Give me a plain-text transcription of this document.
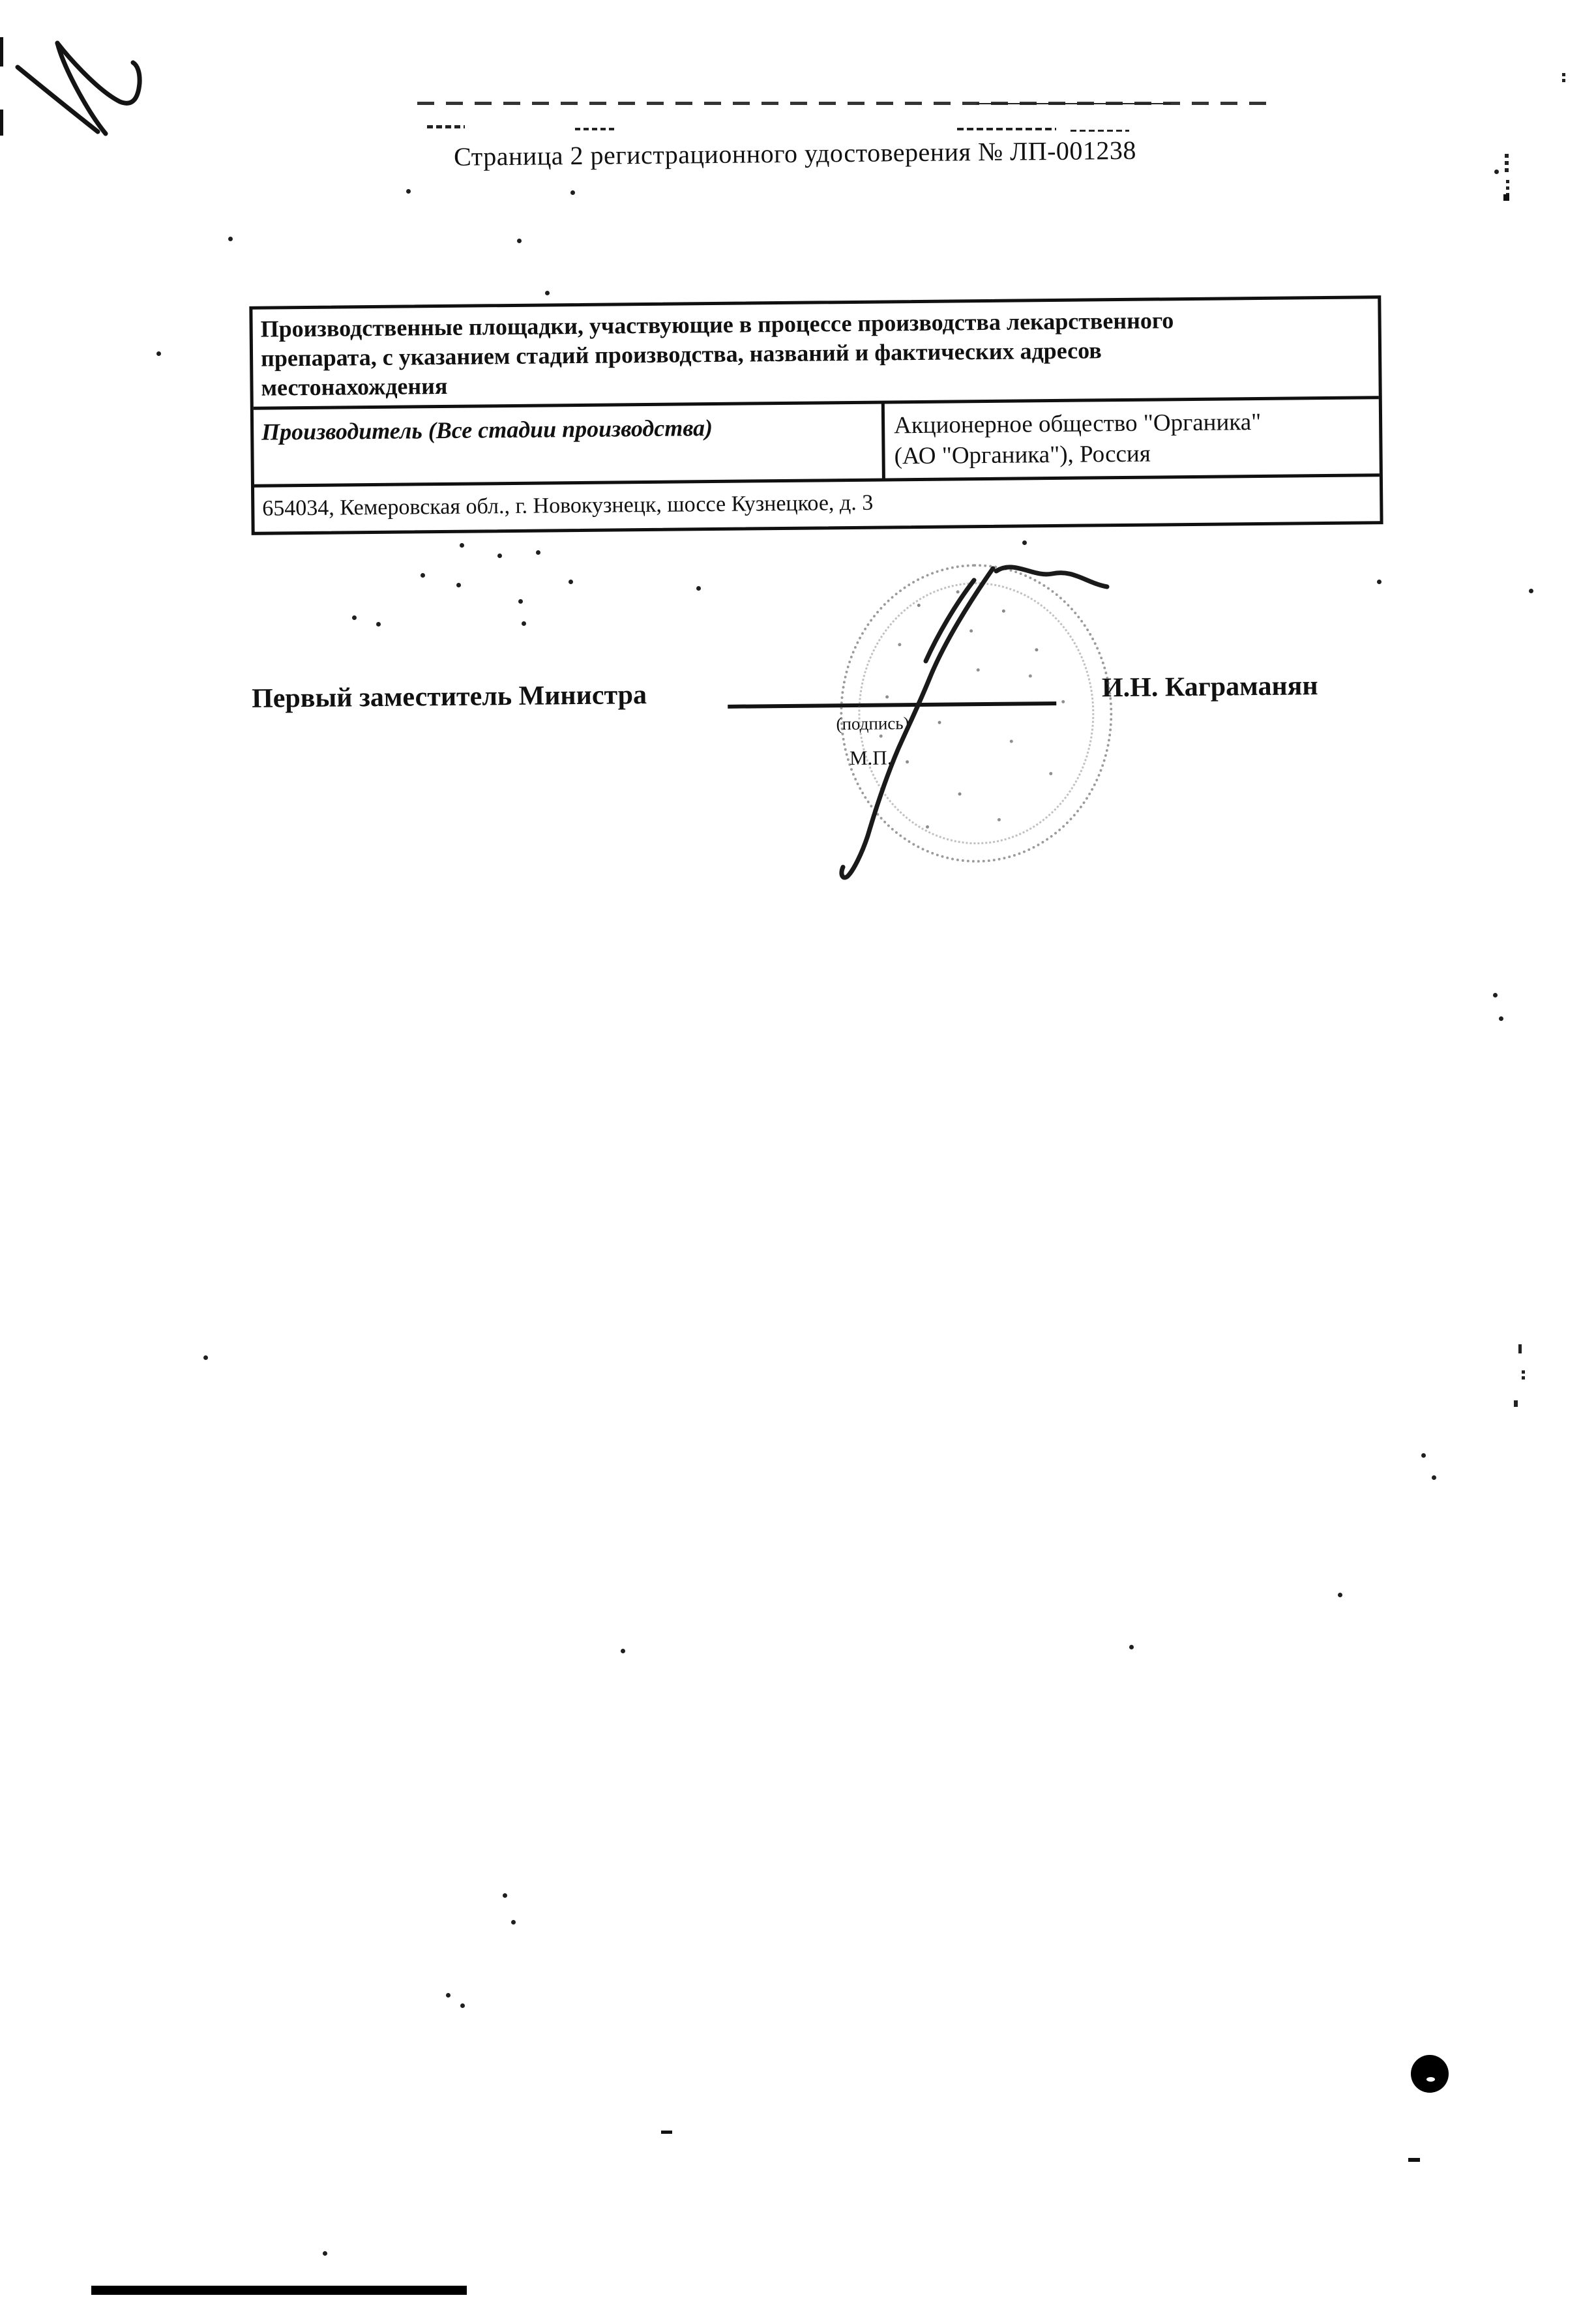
Страница 2 регистрационного удостоверения № ЛП-001238
Производственные площадки, участвующие в процессе производства лекарственного
препарата, с указанием стадий производства, названий и фактических адресов
местонахождения
Производитель (Все стадии производства)	Акционерное общество "Органика"
(АО "Органика"), Россия
654034, Кемеровская обл., г. Новокузнецк, шоссе Кузнецкое, д. 3
Первый заместитель Министра
(подпись)
М.П.
И.Н. Каграманян
